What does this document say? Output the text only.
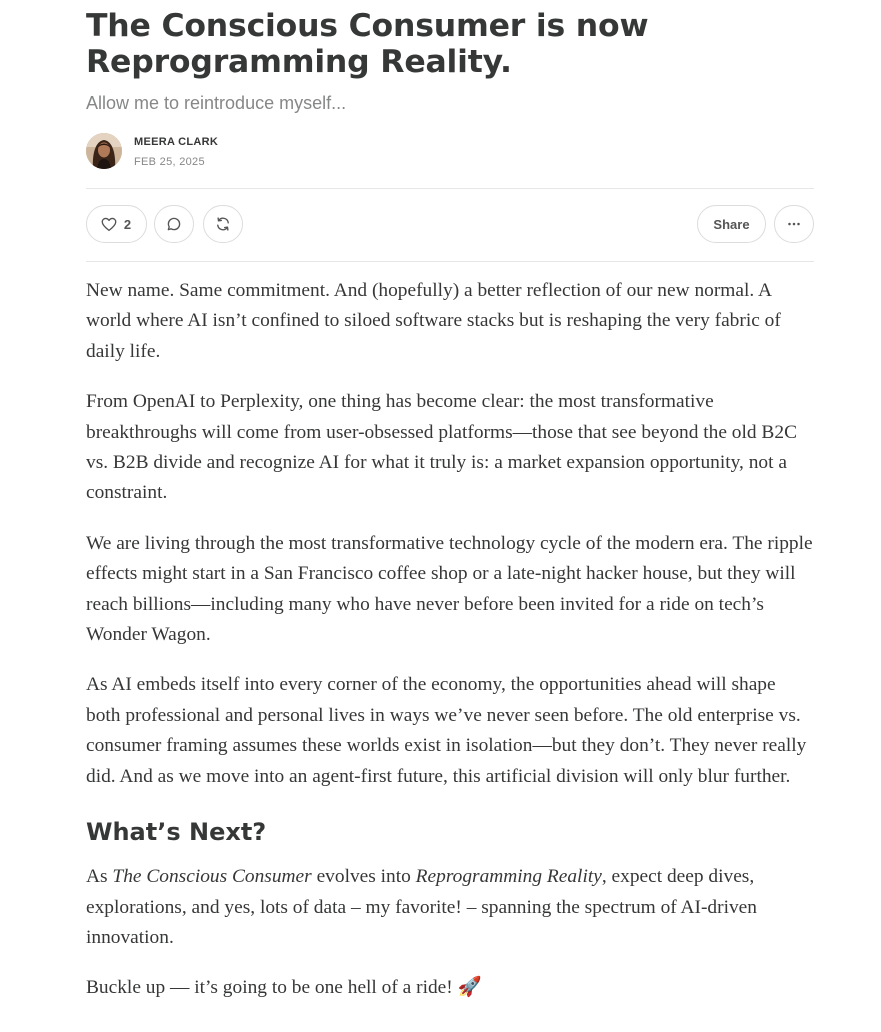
The Conscious Consumer is now Reprogramming Reality.
Allow me to reintroduce myself...
MEERA CLARK
FEB 25, 2025
2	Share

New name. Same commitment. And (hopefully) a better reflection of our new normal. A world where AI isn’t confined to siloed software stacks but is reshaping the very fabric of daily life.

From OpenAI to Perplexity, one thing has become clear: the most transformative breakthroughs will come from user-obsessed platforms—those that see beyond the old B2C vs. B2B divide and recognize AI for what it truly is: a market expansion opportunity, not a constraint.

We are living through the most transformative technology cycle of the modern era. The ripple effects might start in a San Francisco coffee shop or a late-night hacker house, but they will reach billions—including many who have never before been invited for a ride on tech’s Wonder Wagon.

As AI embeds itself into every corner of the economy, the opportunities ahead will shape both professional and personal lives in ways we’ve never seen before. The old enterprise vs. consumer framing assumes these worlds exist in isolation—but they don’t. They never really did. And as we move into an agent-first future, this artificial division will only blur further.

What’s Next?

As The Conscious Consumer evolves into Reprogramming Reality, expect deep dives, explorations, and yes, lots of data – my favorite! – spanning the spectrum of AI-driven innovation.

Buckle up — it’s going to be one hell of a ride! 🚀
